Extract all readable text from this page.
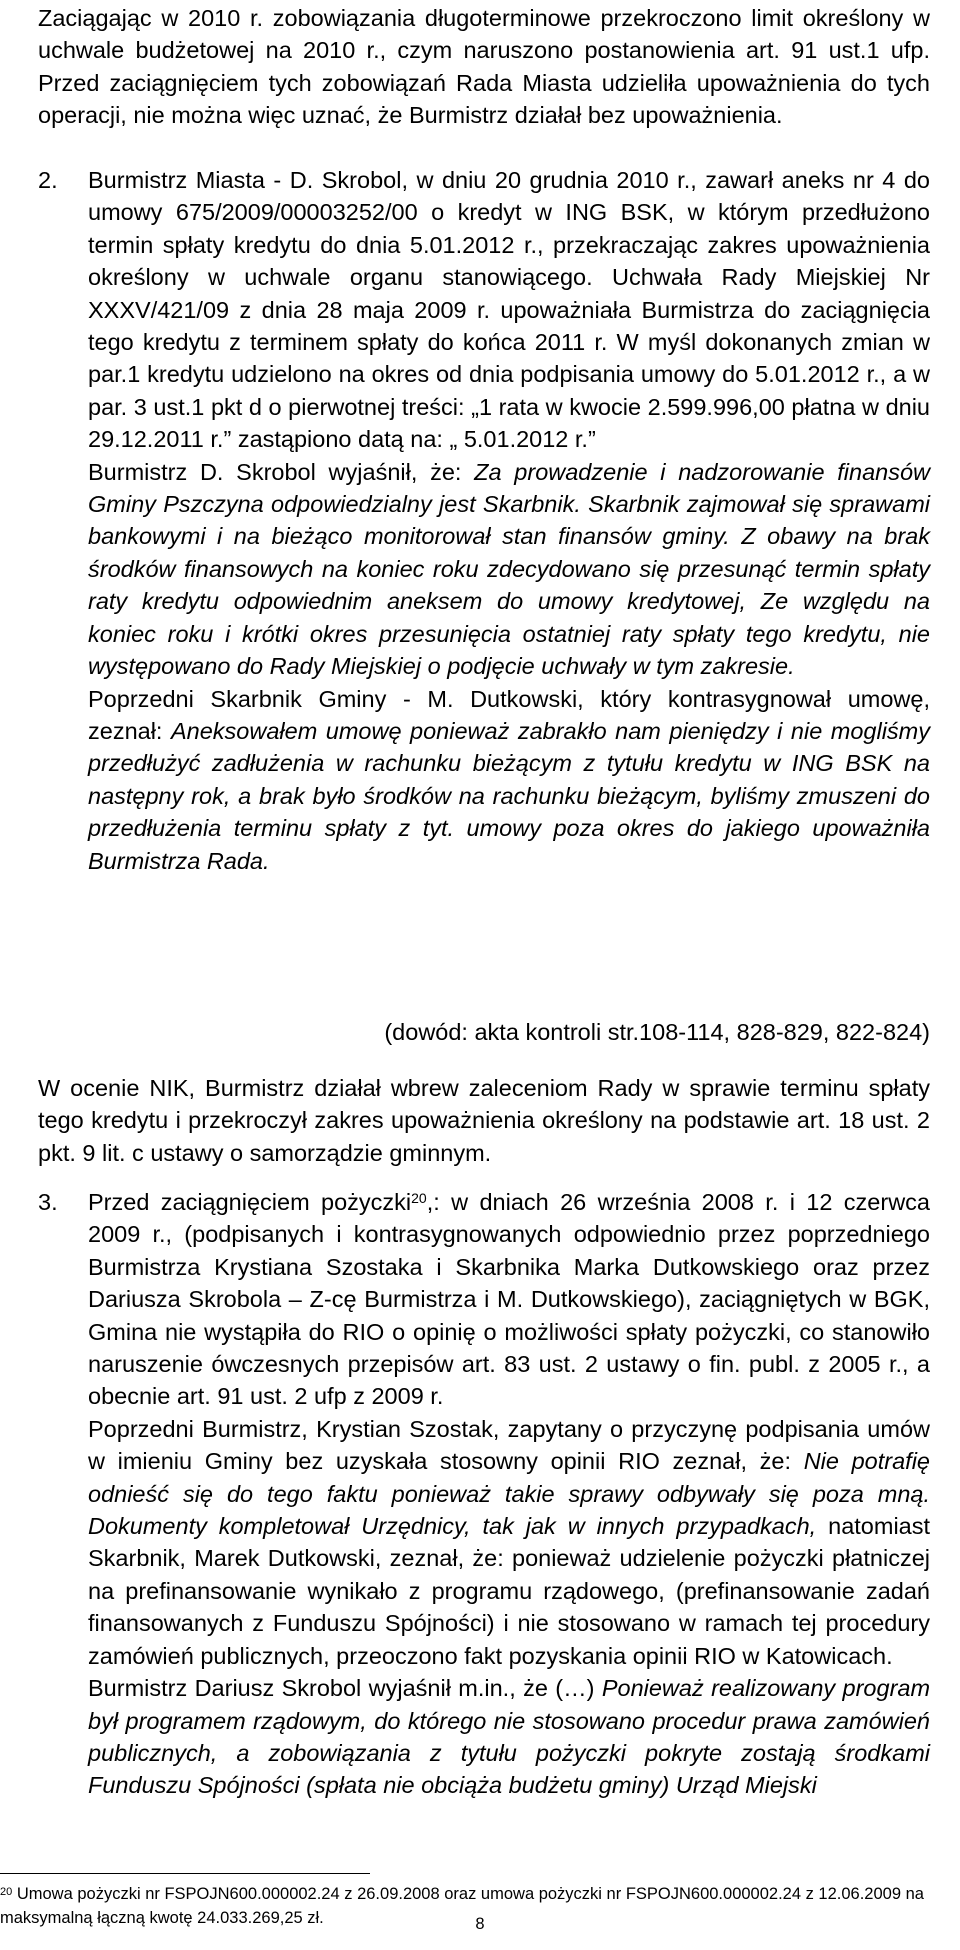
Zaciągając w 2010 r. zobowiązania długoterminowe przekroczono limit określony w uchwale budżetowej na 2010 r., czym naruszono postanowienia art. 91 ust.1 ufp. Przed zaciągnięciem tych zobowiązań Rada Miasta udzieliła upoważnienia do tych operacji, nie można więc uznać, że Burmistrz działał bez upoważnienia.

2. Burmistrz Miasta - D. Skrobol, w dniu 20 grudnia 2010 r., zawarł aneks nr 4 do umowy 675/2009/00003252/00 o kredyt w ING BSK, w którym przedłużono termin spłaty kredytu do dnia 5.01.2012 r., przekraczając zakres upoważnienia określony w uchwale organu stanowiącego. Uchwała Rady Miejskiej Nr XXXV/421/09 z dnia 28 maja 2009 r. upoważniała Burmistrza do zaciągnięcia tego kredytu z terminem spłaty do końca 2011 r. W myśl dokonanych zmian w par.1 kredytu udzielono na okres od dnia podpisania umowy do 5.01.2012 r., a w par. 3 ust.1 pkt d o pierwotnej treści: „1 rata w kwocie 2.599.996,00 płatna w dniu 29.12.2011 r.” zastąpiono datą na: „ 5.01.2012 r.”

Burmistrz D. Skrobol wyjaśnił, że: Za prowadzenie i nadzorowanie finansów Gminy Pszczyna odpowiedzialny jest Skarbnik. Skarbnik zajmował się sprawami bankowymi i na bieżąco monitorował stan finansów gminy. Z obawy na brak środków finansowych na koniec roku zdecydowano się przesunąć termin spłaty raty kredytu odpowiednim aneksem do umowy kredytowej, Ze względu na koniec roku i krótki okres przesunięcia ostatniej raty spłaty tego kredytu, nie występowano do Rady Miejskiej o podjęcie uchwały w tym zakresie.

Poprzedni Skarbnik Gminy - M. Dutkowski, który kontrasygnował umowę, zeznał: Aneksowałem umowę ponieważ zabrakło nam pieniędzy i nie mogliśmy przedłużyć zadłużenia w rachunku bieżącym z tytułu kredytu w ING BSK na następny rok, a brak było środków na rachunku bieżącym, byliśmy zmuszeni do przedłużenia terminu spłaty z tyt. umowy poza okres do jakiego upoważniła Burmistrza Rada.

(dowód: akta kontroli str.108-114, 828-829, 822-824)

W ocenie NIK, Burmistrz działał wbrew zaleceniom Rady w sprawie terminu spłaty tego kredytu i przekroczył zakres upoważnienia określony na podstawie art. 18 ust. 2 pkt. 9 lit. c ustawy o samorządzie gminnym.

3. Przed zaciągnięciem pożyczki$^{20}$,: w dniach 26 września 2008 r. i 12 czerwca 2009 r., (podpisanych i kontrasygnowanych odpowiednio przez poprzedniego Burmistrza Krystiana Szostaka i Skarbnika Marka Dutkowskiego oraz przez Dariusza Skrobola – Z-cę Burmistrza i M. Dutkowskiego), zaciągniętych w BGK, Gmina nie wystąpiła do RIO o opinię o możliwości spłaty pożyczki, co stanowiło naruszenie ówczesnych przepisów art. 83 ust. 2 ustawy o fin. publ. z 2005 r., a obecnie art. 91 ust. 2 ufp z 2009 r.

Poprzedni Burmistrz, Krystian Szostak, zapytany o przyczynę podpisania umów w imieniu Gminy bez uzyskała stosowny opinii RIO zeznał, że: Nie potrafię odnieść się do tego faktu ponieważ takie sprawy odbywały się poza mną. Dokumenty kompletował Urzędnicy, tak jak w innych przypadkach, natomiast Skarbnik, Marek Dutkowski, zeznał, że: ponieważ udzielenie pożyczki płatniczej na prefinansowanie wynikało z programu rządowego, (prefinansowanie zadań finansowanych z Funduszu Spójności) i nie stosowano w ramach tej procedury zamówień publicznych, przeoczono fakt pozyskania opinii RIO w Katowicach.

Burmistrz Dariusz Skrobol wyjaśnił m.in., że (…) Ponieważ realizowany program był programem rządowym, do którego nie stosowano procedur prawa zamówień publicznych, a zobowiązania z tytułu pożyczki pokryte zostają środkami Funduszu Spójności (spłata nie obciąża budżetu gminy) Urząd Miejski

$^{20}$ Umowa pożyczki nr FSPOJN600.000002.24 z 26.09.2008 oraz umowa pożyczki nr FSPOJN600.000002.24 z 12.06.2009 na maksymalną łączną kwotę 24.033.269,25 zł.	8
